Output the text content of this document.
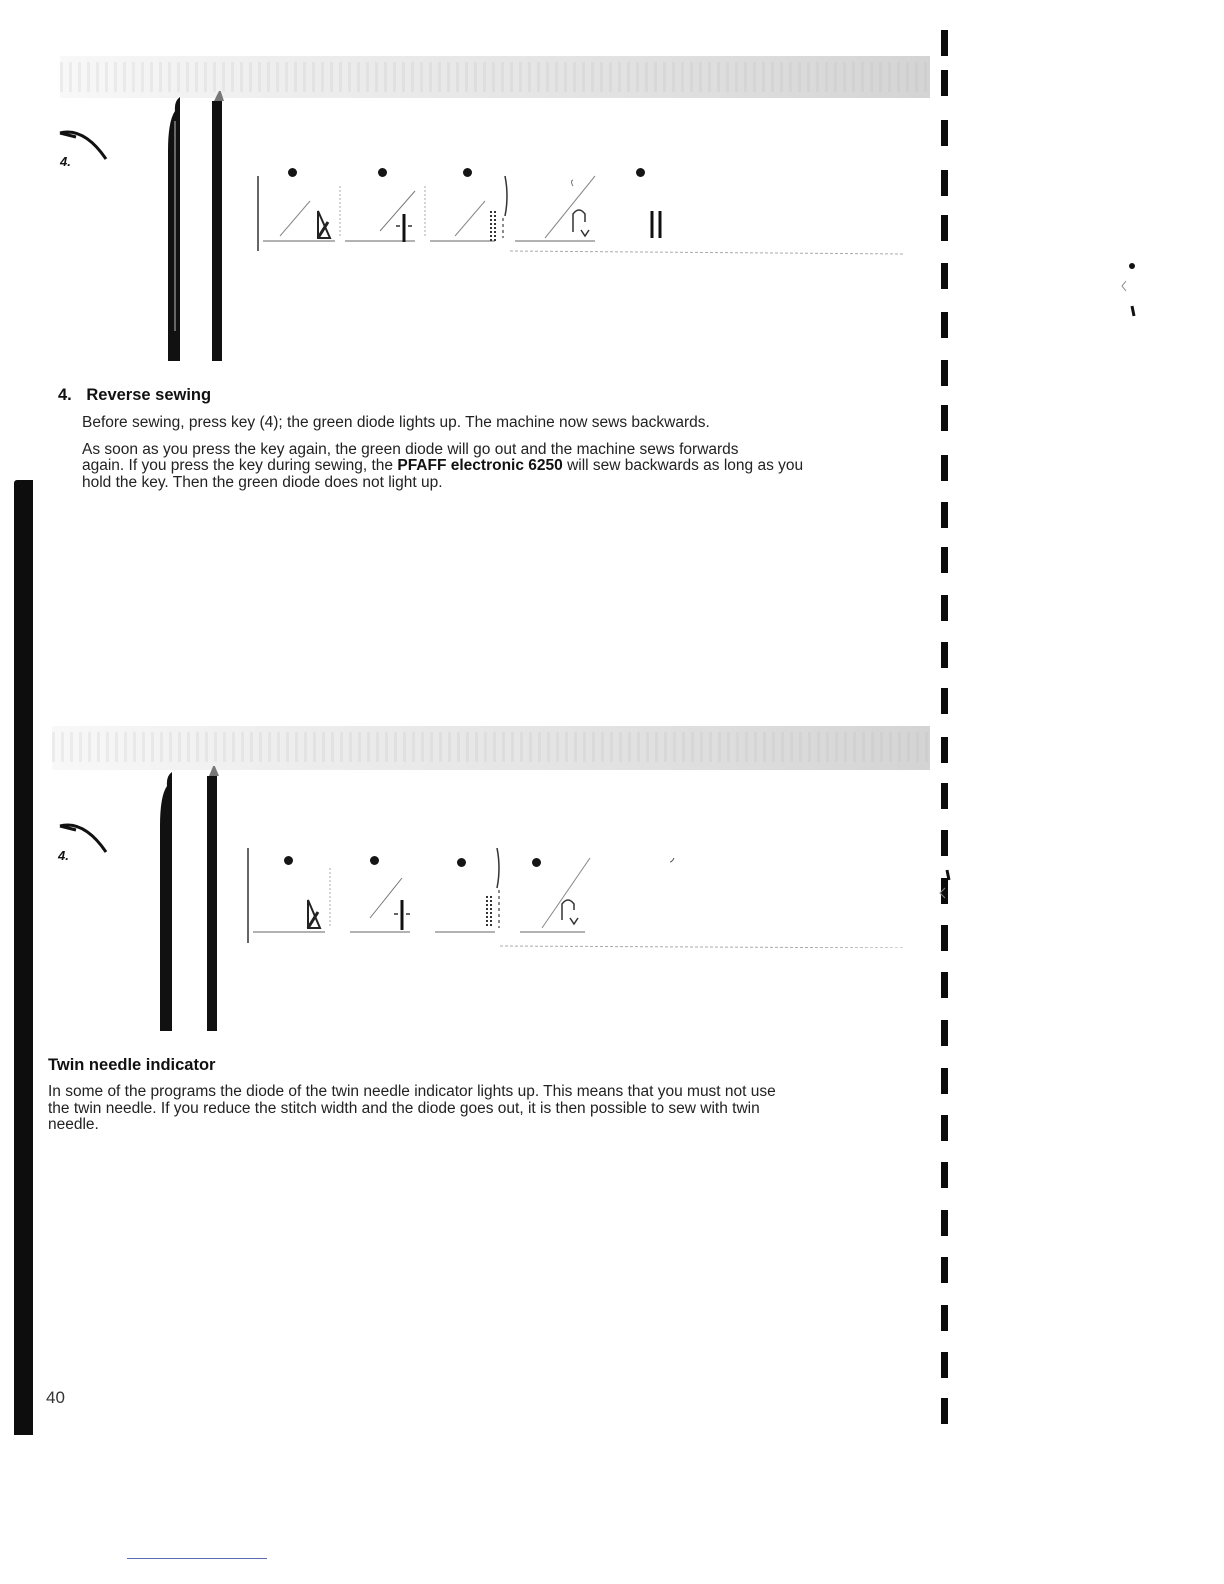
4.
4. Reverse sewing
Before sewing, press key (4); the green diode lights up. The machine now sews backwards.
As soon as you press the key again, the green diode will go out and the machine sews forwards
again. If you press the key during sewing, the PFAFF electronic 6250 will sew backwards as long as you
hold the key. Then the green diode does not light up.
4.
Twin needle indicator
In some of the programs the diode of the twin needle indicator lights up. This means that you must not use
the twin needle. If you reduce the stitch width and the diode goes out, it is then possible to sew with twin
needle.
40
